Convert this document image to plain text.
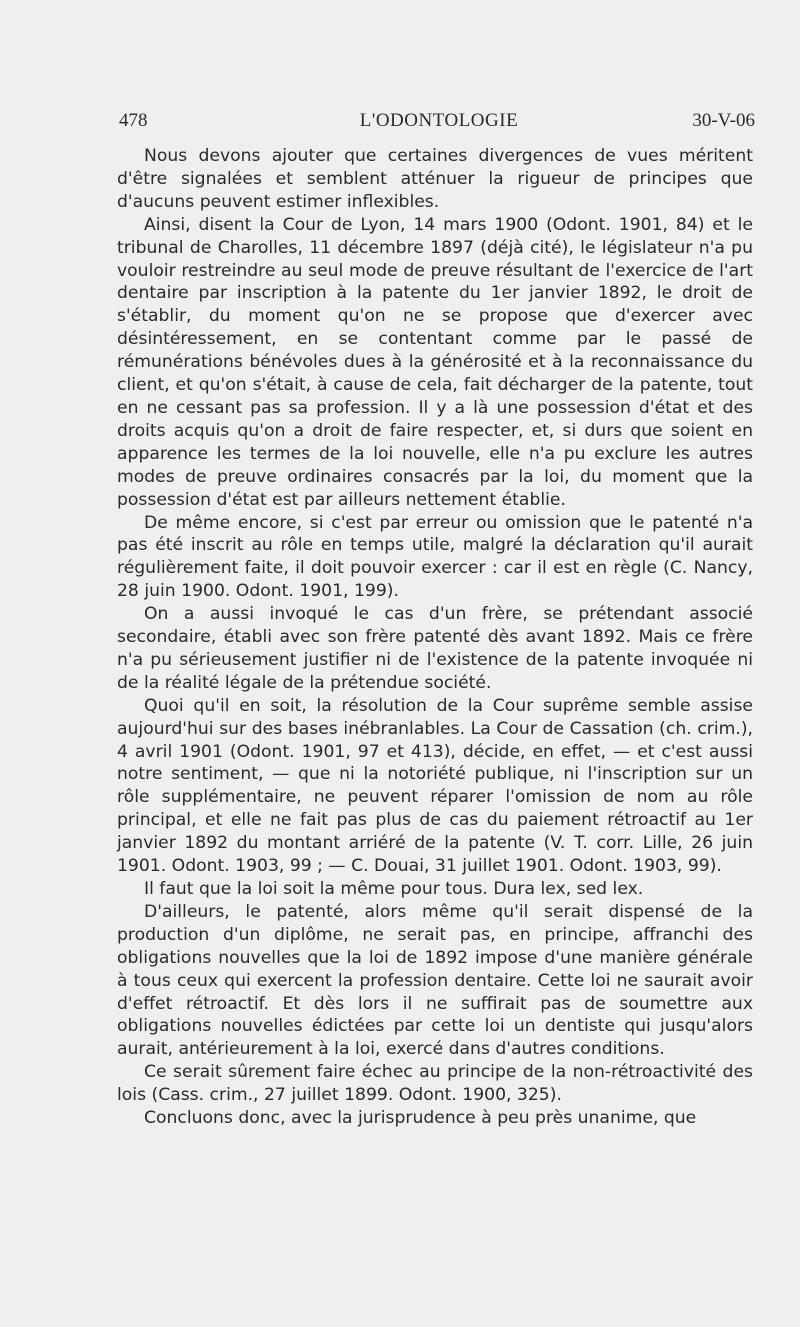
478	L'ODONTOLOGIE	30-V-06

Nous devons ajouter que certaines divergences de vues méritent d'être signalées et semblent atténuer la rigueur de principes que d'aucuns peuvent estimer inflexibles.

Ainsi, disent la Cour de Lyon, 14 mars 1900 (Odont. 1901, 84) et le tribunal de Charolles, 11 décembre 1897 (déjà cité), le législateur n'a pu vouloir restreindre au seul mode de preuve résultant de l'exercice de l'art dentaire par inscription à la patente du 1er janvier 1892, le droit de s'établir, du moment qu'on ne se propose que d'exercer avec désintéressement, en se contentant comme par le passé de rémunérations bénévoles dues à la générosité et à la reconnaissance du client, et qu'on s'était, à cause de cela, fait décharger de la patente, tout en ne cessant pas sa profession. Il y a là une possession d'état et des droits acquis qu'on a droit de faire respecter, et, si durs que soient en apparence les termes de la loi nouvelle, elle n'a pu exclure les autres modes de preuve ordinaires consacrés par la loi, du moment que la possession d'état est par ailleurs nettement établie.

De même encore, si c'est par erreur ou omission que le patenté n'a pas été inscrit au rôle en temps utile, malgré la déclaration qu'il aurait régulièrement faite, il doit pouvoir exercer : car il est en règle (C. Nancy, 28 juin 1900. Odont. 1901, 199).

On a aussi invoqué le cas d'un frère, se prétendant associé secondaire, établi avec son frère patenté dès avant 1892. Mais ce frère n'a pu sérieusement justifier ni de l'existence de la patente invoquée ni de la réalité légale de la prétendue société.

Quoi qu'il en soit, la résolution de la Cour suprême semble assise aujourd'hui sur des bases inébranlables. La Cour de Cassation (ch. crim.), 4 avril 1901 (Odont. 1901, 97 et 413), décide, en effet, — et c'est aussi notre sentiment, — que ni la notoriété publique, ni l'inscription sur un rôle supplémentaire, ne peuvent réparer l'omission de nom au rôle principal, et elle ne fait pas plus de cas du paiement rétroactif au 1er janvier 1892 du montant arriéré de la patente (V. T. corr. Lille, 26 juin 1901. Odont. 1903, 99 ; — C. Douai, 31 juillet 1901. Odont. 1903, 99).

Il faut que la loi soit la même pour tous. Dura lex, sed lex.

D'ailleurs, le patenté, alors même qu'il serait dispensé de la production d'un diplôme, ne serait pas, en principe, affranchi des obligations nouvelles que la loi de 1892 impose d'une manière générale à tous ceux qui exercent la profession dentaire. Cette loi ne saurait avoir d'effet rétroactif. Et dès lors il ne suffirait pas de soumettre aux obligations nouvelles édictées par cette loi un dentiste qui jusqu'alors aurait, antérieurement à la loi, exercé dans d'autres conditions.

Ce serait sûrement faire échec au principe de la non-rétroactivité des lois (Cass. crim., 27 juillet 1899. Odont. 1900, 325).

Concluons donc, avec la jurisprudence à peu près unanime, que
